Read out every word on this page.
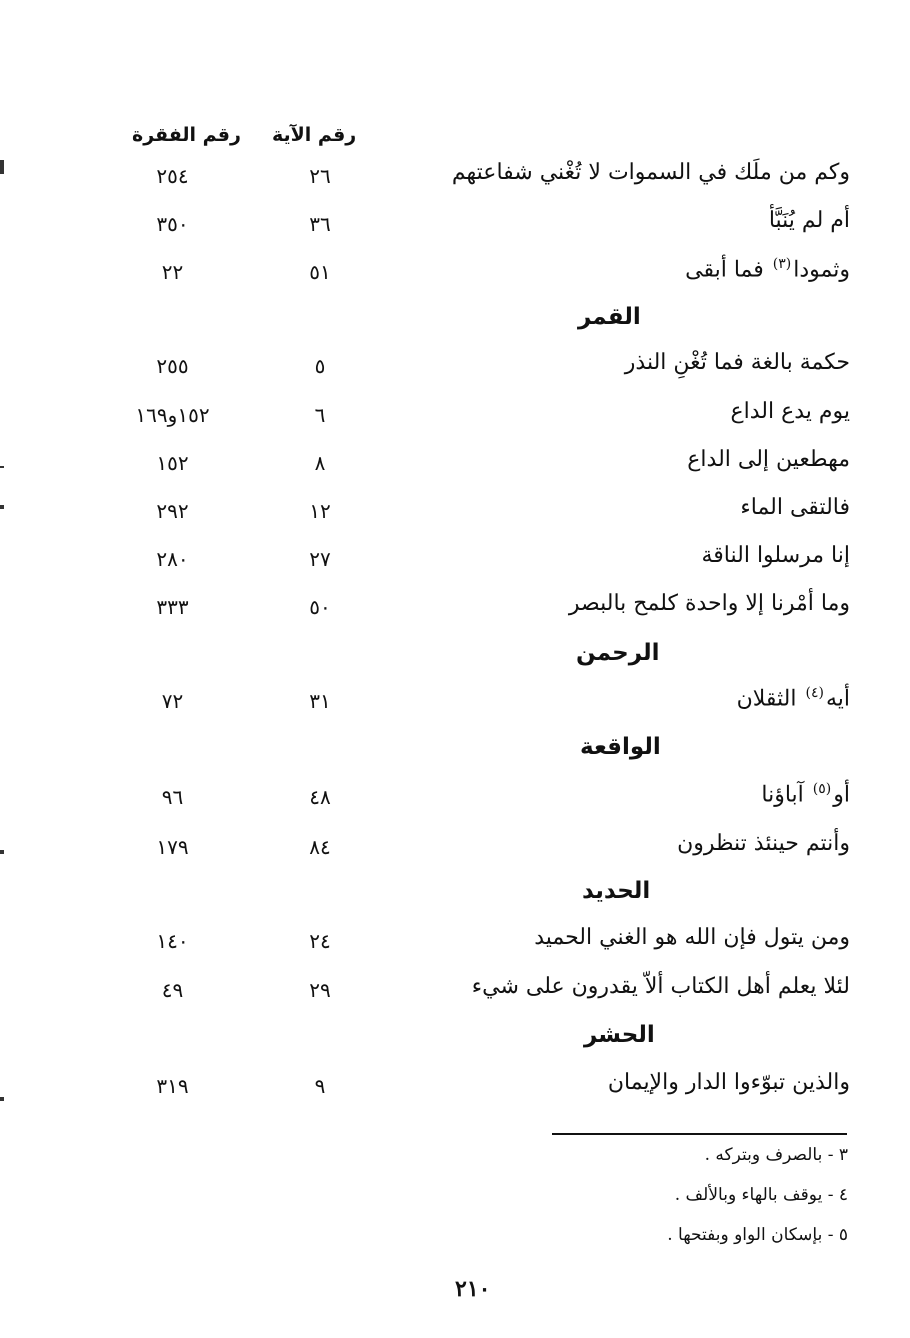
رقم الآية
رقم الفقرة
وكم من ملَك في السموات لا تُغْني شفاعتهم
٢٦
٢٥٤
أم لم يُنَبَّأ
٣٦
٣٥٠
وثمودا$^{(٣)}$ فما أبقى
٥١
٢٢
القمر
حكمة بالغة فما تُغْنِ النذر
٥
٢٥٥
يوم يدع الداع
٦
١٥٢و١٦٩
مهطعين إلى الداع
٨
١٥٢
فالتقى الماء
١٢
٢٩٢
إنا مرسلوا الناقة
٢٧
٢٨٠
وما أمْرنا إلا واحدة كلمح بالبصر
٥٠
٣٣٣
الرحمن
أيه$^{(٤)}$ الثقلان
٣١
٧٢
الواقعة
أو$^{(٥)}$ آباؤنا
٤٨
٩٦
وأنتم حينئذ تنظرون
٨٤
١٧٩
الحديد
ومن يتول فإن الله هو الغني الحميد
٢٤
١٤٠
لئلا يعلم أهل الكتاب ألاّ يقدرون على شيء
٢٩
٤٩
الحشر
والذين تبوّءوا الدار والإيمان
٩
٣١٩
٣ - بالصرف وبتركه .
٤ - يوقف بالهاء وبالألف .
٥ - بإسكان الواو وبفتحها .
٢١٠
